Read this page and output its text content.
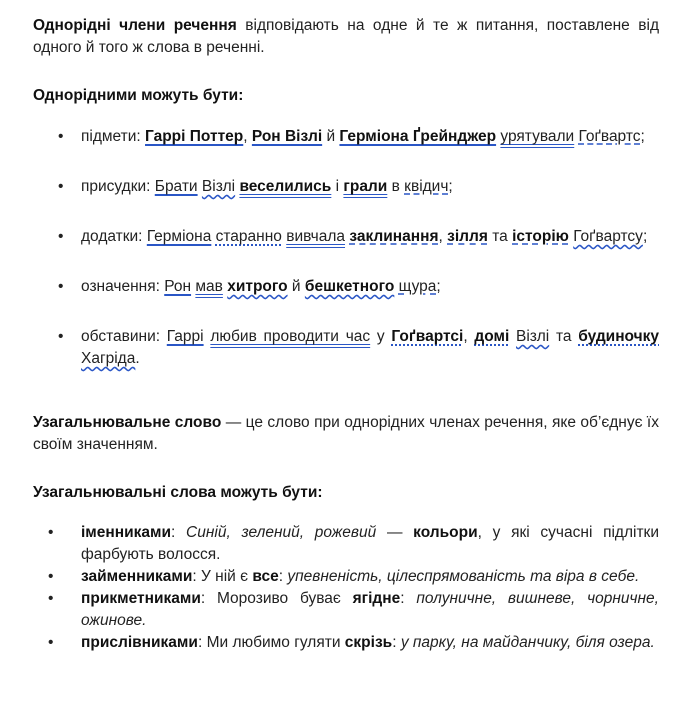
Однорідні члени речення відповідають на одне й те ж питання, поставлене від одного й того ж слова в реченні.

Однорідними можуть бути:

• підмети: Гаррі Поттер, Рон Візлі й Герміона Ґрейнджер урятували Гоґвартс;
• присудки: Брати Візлі веселились і грали в квідич;
• додатки: Герміона старанно вивчала заклинання, зілля та історію Гоґвартсу;
• означення: Рон мав хитрого й бешкетного щура;
• обставини: Гаррі любив проводити час у Гоґвартсі, домі Візлі та будиночку Хагріда.

Узагальнювальне слово — це слово при однорідних членах речення, яке об’єднує їх своїм значенням.

Узагальнювальні слова можуть бути:

• іменниками: Синій, зелений, рожевий — кольори, у які сучасні підлітки фарбують волосся.
• займенниками: У ній є все: упевненість, цілеспрямованість та віра в себе.
• прикметниками: Морозиво буває ягідне: полуничне, вишневе, чорничне, ожинове.
• прислівниками: Ми любимо гуляти скрізь: у парку, на майданчику, біля озера.
